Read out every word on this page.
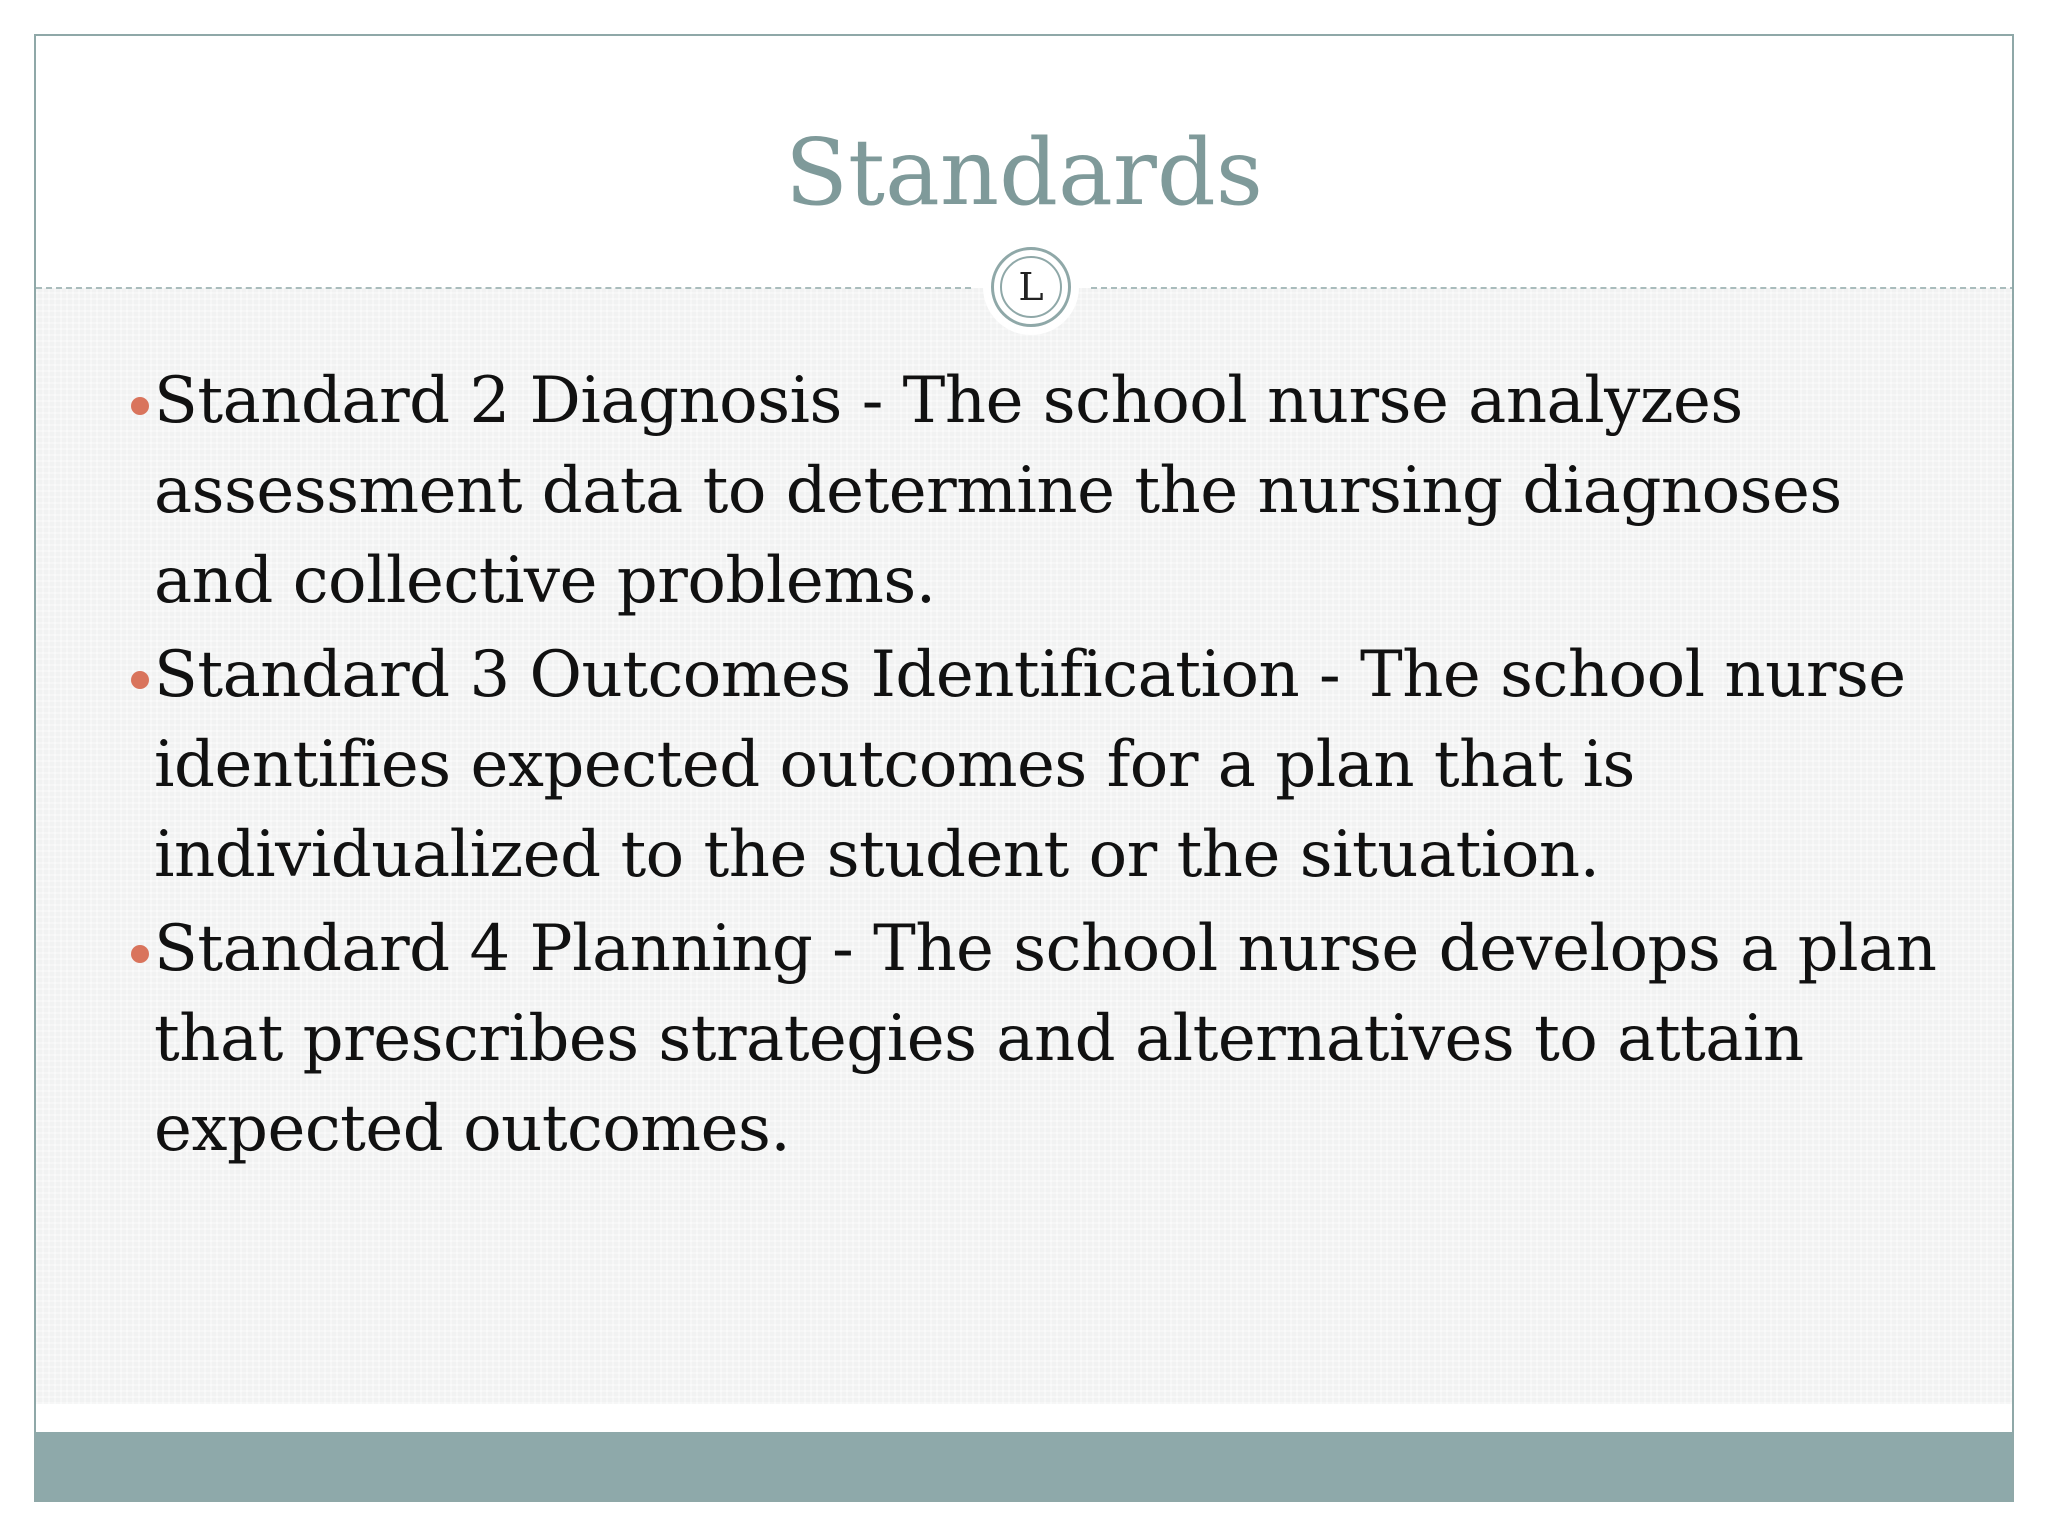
Standards
Standard 2 Diagnosis - The school nurse analyzes assessment data to determine the nursing diagnoses and collective problems.
Standard 3 Outcomes Identification - The school nurse identifies expected outcomes for a plan that is individualized to the student or the situation.
Standard 4 Planning - The school nurse develops a plan that prescribes strategies and alternatives to attain expected outcomes.
L
